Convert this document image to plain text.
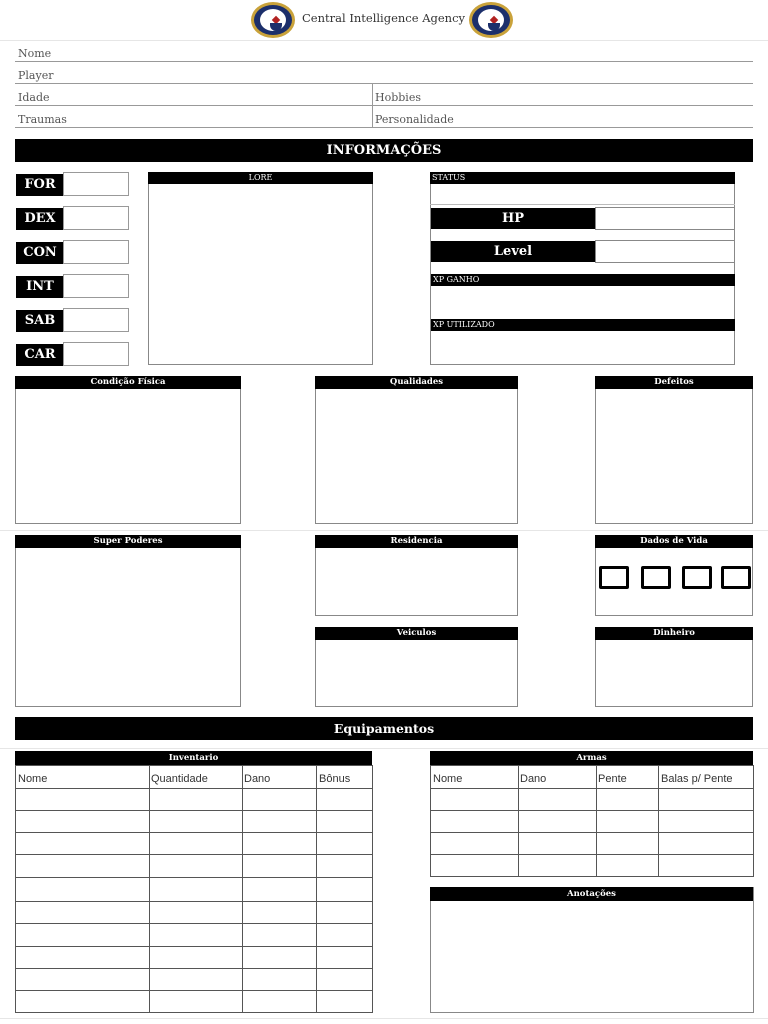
Central Intelligence Agency
Nome
Player
Idade	Hobbies
Traumas	Personalidade
INFORMAÇÕES
FOR
DEX
CON
INT
SAB
CAR
LORE	STATUS
HP
Level
XP GANHO
XP UTILIZADO
Condição Física	Qualidades	Defeitos
Super Poderes	Residencia	Dados de Vida
Veiculos	Dinheiro
Equipamentos
Inventario
Nome	Quantidade	Dano	Bônus
Armas
Nome	Dano	Pente	Balas p/ Pente
Anotações
